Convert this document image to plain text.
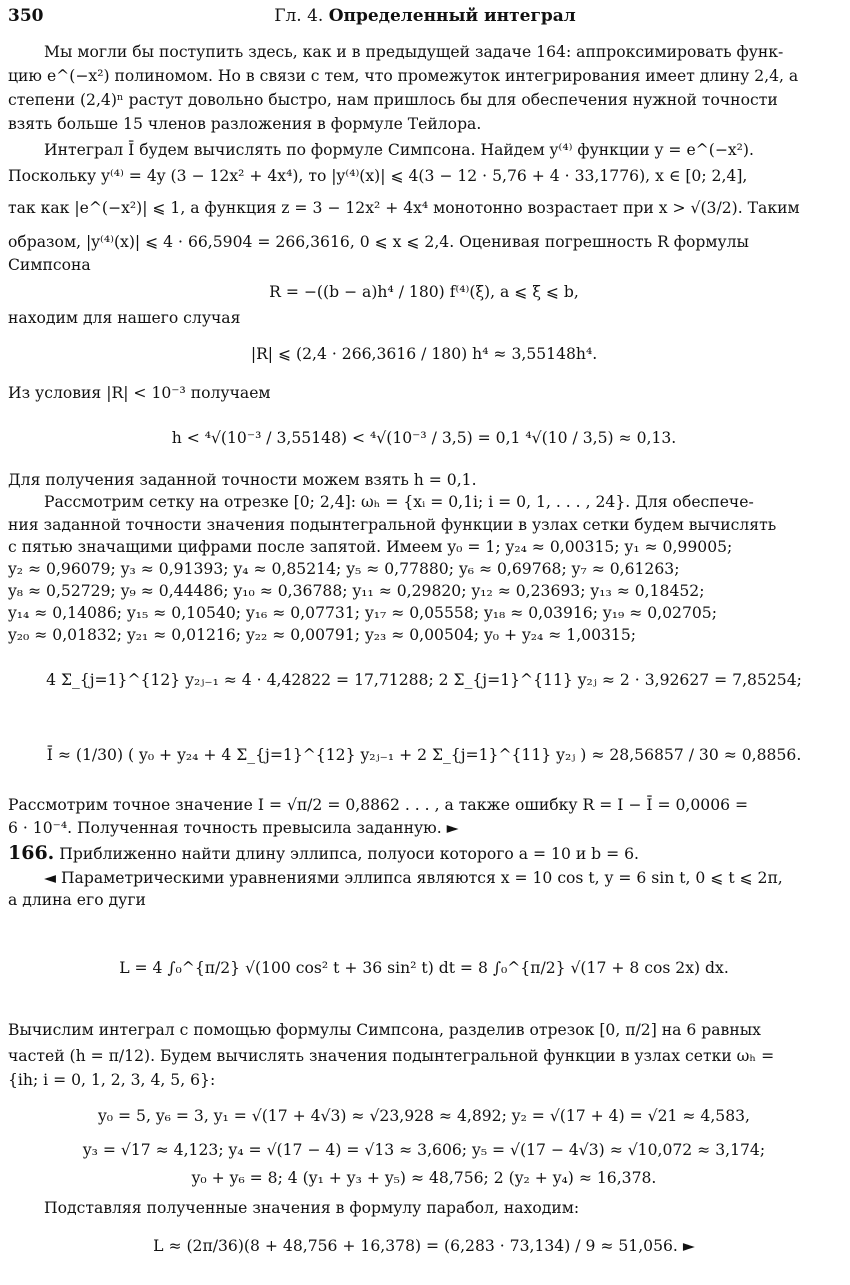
350	Гл. 4. Определенный интеграл
Мы могли бы поступить здесь, как и в предыдущей задаче 164: аппроксимировать функ-
цию e^(−x²) полиномом. Но в связи с тем, что промежуток интегрирования имеет длину 2,4, а
степени (2,4)ⁿ растут довольно быстро, нам пришлось бы для обеспечения нужной точности
взять больше 15 членов разложения в формуле Тейлора.
Интеграл Ī будем вычислять по формуле Симпсона. Найдем y⁽⁴⁾ функции y = e^(−x²).
Поскольку y⁽⁴⁾ = 4y (3 − 12x² + 4x⁴), то |y⁽⁴⁾(x)| ⩽ 4(3 − 12 · 5,76 + 4 · 33,1776), x ∈ [0; 2,4],
так как |e^(−x²)| ⩽ 1, а функция z = 3 − 12x² + 4x⁴ монотонно возрастает при x > √(3/2). Таким
образом, |y⁽⁴⁾(x)| ⩽ 4 · 66,5904 = 266,3616, 0 ⩽ x ⩽ 2,4. Оценивая погрешность R формулы
Симпсона
R = −((b − a)h⁴ / 180) f⁽⁴⁾(ξ), a ⩽ ξ ⩽ b,
находим для нашего случая
|R| ⩽ (2,4 · 266,3616 / 180) h⁴ ≈ 3,55148h⁴.
Из условия |R| < 10⁻³ получаем
h < ⁴√(10⁻³ / 3,55148) < ⁴√(10⁻³ / 3,5) = 0,1 ⁴√(10 / 3,5) ≈ 0,13.
Для получения заданной точности можем взять h = 0,1.
Рассмотрим сетку на отрезке [0; 2,4]: ωₕ = {xᵢ = 0,1i; i = 0, 1, . . . , 24}. Для обеспече-
ния заданной точности значения подынтегральной функции в узлах сетки будем вычислять
с пятью значащими цифрами после запятой. Имеем y₀ = 1; y₂₄ ≈ 0,00315; y₁ ≈ 0,99005;
y₂ ≈ 0,96079; y₃ ≈ 0,91393; y₄ ≈ 0,85214; y₅ ≈ 0,77880; y₆ ≈ 0,69768; y₇ ≈ 0,61263;
y₈ ≈ 0,52729; y₉ ≈ 0,44486; y₁₀ ≈ 0,36788; y₁₁ ≈ 0,29820; y₁₂ ≈ 0,23693; y₁₃ ≈ 0,18452;
y₁₄ ≈ 0,14086; y₁₅ ≈ 0,10540; y₁₆ ≈ 0,07731; y₁₇ ≈ 0,05558; y₁₈ ≈ 0,03916; y₁₉ ≈ 0,02705;
y₂₀ ≈ 0,01832; y₂₁ ≈ 0,01216; y₂₂ ≈ 0,00791; y₂₃ ≈ 0,00504; y₀ + y₂₄ ≈ 1,00315;
4 Σ_{j=1}^{12} y₂ⱼ₋₁ ≈ 4 · 4,42822 = 17,71288; 2 Σ_{j=1}^{11} y₂ⱼ ≈ 2 · 3,92627 = 7,85254;
Ī ≈ (1/30) ( y₀ + y₂₄ + 4 Σ_{j=1}^{12} y₂ⱼ₋₁ + 2 Σ_{j=1}^{11} y₂ⱼ ) ≈ 28,56857 / 30 ≈ 0,8856.
Рассмотрим точное значение I = √π/2 = 0,8862 . . . , а также ошибку R = I − Ī = 0,0006 =
6 · 10⁻⁴. Полученная точность превысила заданную. ►
166. Приближенно найти длину эллипса, полуоси которого a = 10 и b = 6.
◄ Параметрическими уравнениями эллипса являются x = 10 cos t, y = 6 sin t, 0 ⩽ t ⩽ 2π,
а длина его дуги
L = 4 ∫₀^{π/2} √(100 cos² t + 36 sin² t) dt = 8 ∫₀^{π/2} √(17 + 8 cos 2x) dx.
Вычислим интеграл с помощью формулы Симпсона, разделив отрезок [0, π/2] на 6 равных
частей (h = π/12). Будем вычислять значения подынтегральной функции в узлах сетки ωₕ =
{ih; i = 0, 1, 2, 3, 4, 5, 6}:
y₀ = 5, y₆ = 3, y₁ = √(17 + 4√3) ≈ √23,928 ≈ 4,892; y₂ = √(17 + 4) = √21 ≈ 4,583,
y₃ = √17 ≈ 4,123; y₄ = √(17 − 4) = √13 ≈ 3,606; y₅ = √(17 − 4√3) ≈ √10,072 ≈ 3,174;
y₀ + y₆ = 8; 4 (y₁ + y₃ + y₅) ≈ 48,756; 2 (y₂ + y₄) ≈ 16,378.
Подставляя полученные значения в формулу парабол, находим:
L ≈ (2π/36)(8 + 48,756 + 16,378) = (6,283 · 73,134) / 9 ≈ 51,056. ►
